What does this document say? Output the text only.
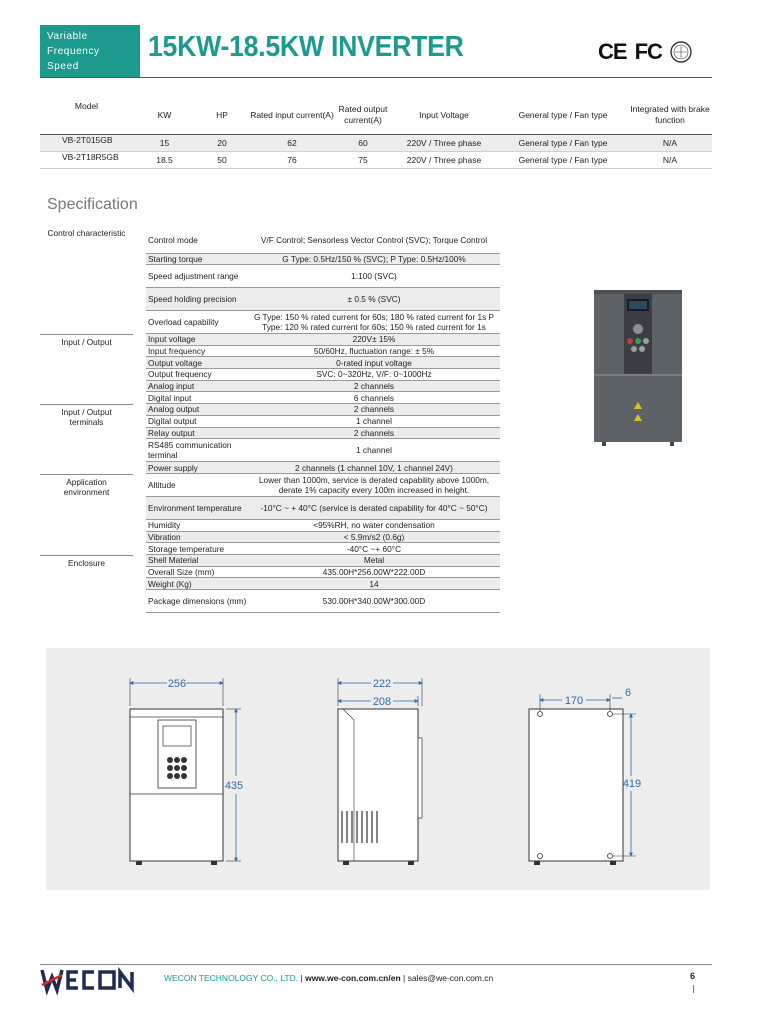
Variable
Frequency
Speed
15KW-18.5KW INVERTER	CE FC
Model	KW	HP	Rated input current(A)	Rated output current(A)	Input Voltage	General type / Fan type	Integrated with brake function
VB-2T015GB	15	20	62	60	220V / Three phase	General type / Fan type	N/A
VB-2T18R5GB	18.5	50	76	75	220V / Three phase	General type / Fan type	N/A
Specification
Control characteristic
Control mode	V/F Control; Sensorless Vector Control (SVC); Torque Control
Starting torque	G Type: 0.5Hz/150 % (SVC); P Type: 0.5Hz/100%
Speed adjustment range	1:100 (SVC)
Speed holding precision	± 0.5 % (SVC)
Overload capability	G Type: 150 % rated current for 60s; 180 % rated current for 1s P Type: 120 % rated current for 60s; 150 % rated current for 1s
Input / Output	Input voltage	220V± 15%
Input frequency	50/60Hz, fluctuation range: ± 5%
Output voltage	0-rated input voltage
Output frequency	SVC: 0~320Hz, V/F: 0~1000Hz
Analog input	2 channels
Digital input	6 channels
Input / Output terminals
Analog output	2 channels
Digital output	1 channel
Relay output	2 channels
RS485 communication terminal	1 channel
Power supply	2 channels (1 channel 10V, 1 channel 24V)
Application environment
Altitude	Lower than 1000m, service is derated capability above 1000m, derate 1% capacity every 100m increased in height.
Environment temperature	-10°C ~ + 40°C (service is derated capability for 40°C ~ 50°C)
Humidity	<95%RH, no water condensation
Vibration	< 5.9m/s2 (0.6g)
Storage temperature	-40°C ~+ 60°C
Enclosure	Shell Material	Metal
Overall Size (mm)	435.00H*256.00W*222.00D
Weight (Kg)	14
Package dimensions (mm)	530.00H*340.00W*300.00D
256
435
222
208	170
6
419
WECON TECHNOLOGY CO., LTD. | www.we-con.com.cn/en | sales@we-con.com.cn	6
